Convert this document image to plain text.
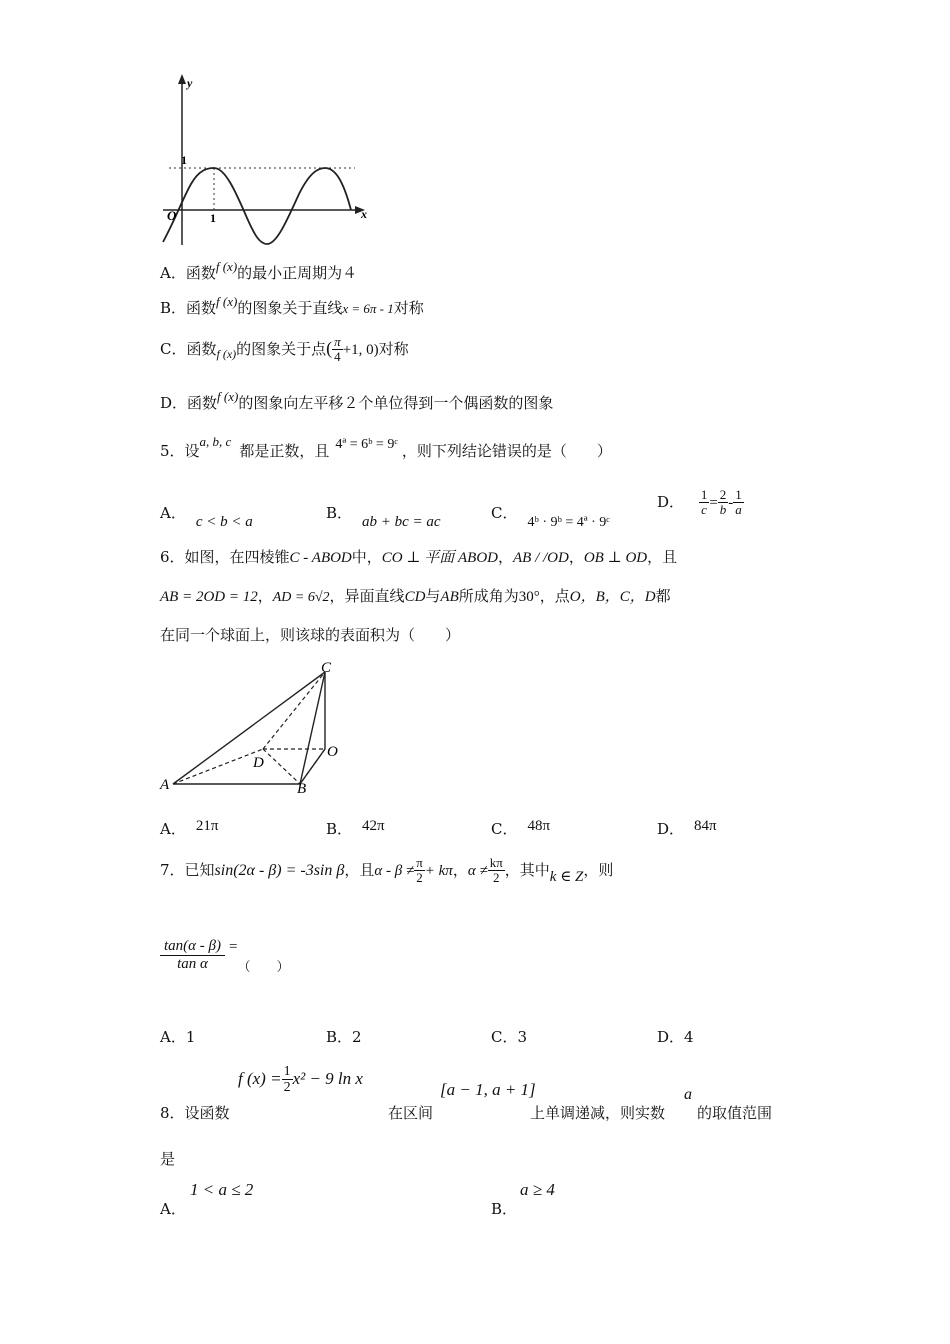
y
x
O
1
1
A．函数f (x)的最小正周期为４
B．函数f (x)的图象关于直线x = 6π - 1对称
C．函数$_{f (x)}$的图象关于点( $\frac{\pi}{4} +1$, 0)对称
D．函数f (x)的图象向左平移２个单位得到一个偶函数的图象
5．设a, b, c都是正数，且 4ª = 6ᵇ = 9ᶜ ，则下列结论错误的是（　　）
A． c < b < a	B． ab + bc = ac	C．4ᵇ · 9ᵇ = 4ª · 9ᶜ
D． $\frac{1}{c} = \frac{2}{b} - \frac{1}{a}$
6．如图，在四棱锥C - ABOD中，CO ⊥ 平面 ABOD，AB / /OD，OB ⊥ OD，且
AB = 2OD = 12，AD = 6√2，异面直线CD与AB所成角为30°，点O，B，C，D都
在同一个球面上，则该球的表面积为（　　）
C
O
D
A	B
A． 21π	B． 42π	C． 48π	D． 84π
7．已知sin(2α - β) = -3sin β，且$\alpha - \beta \ne \frac{\pi}{2} + k\pi$，$\alpha \ne \frac{k\pi}{2}$ ，其中k ∈ Z，则
$\frac{\tan(\alpha - \beta)}{\text{tan α}}$ =（　　）
A．1	B．2	C．3	D．4
f $(x) = \frac{1}{2} x^2 - 9$ ln x
[a − 1, a + 1]	a
8．设函数	在区间	上单调递减，则实数 的取值范围
是
A．
1 < a ≤ 2
B．
a ≥ 4
